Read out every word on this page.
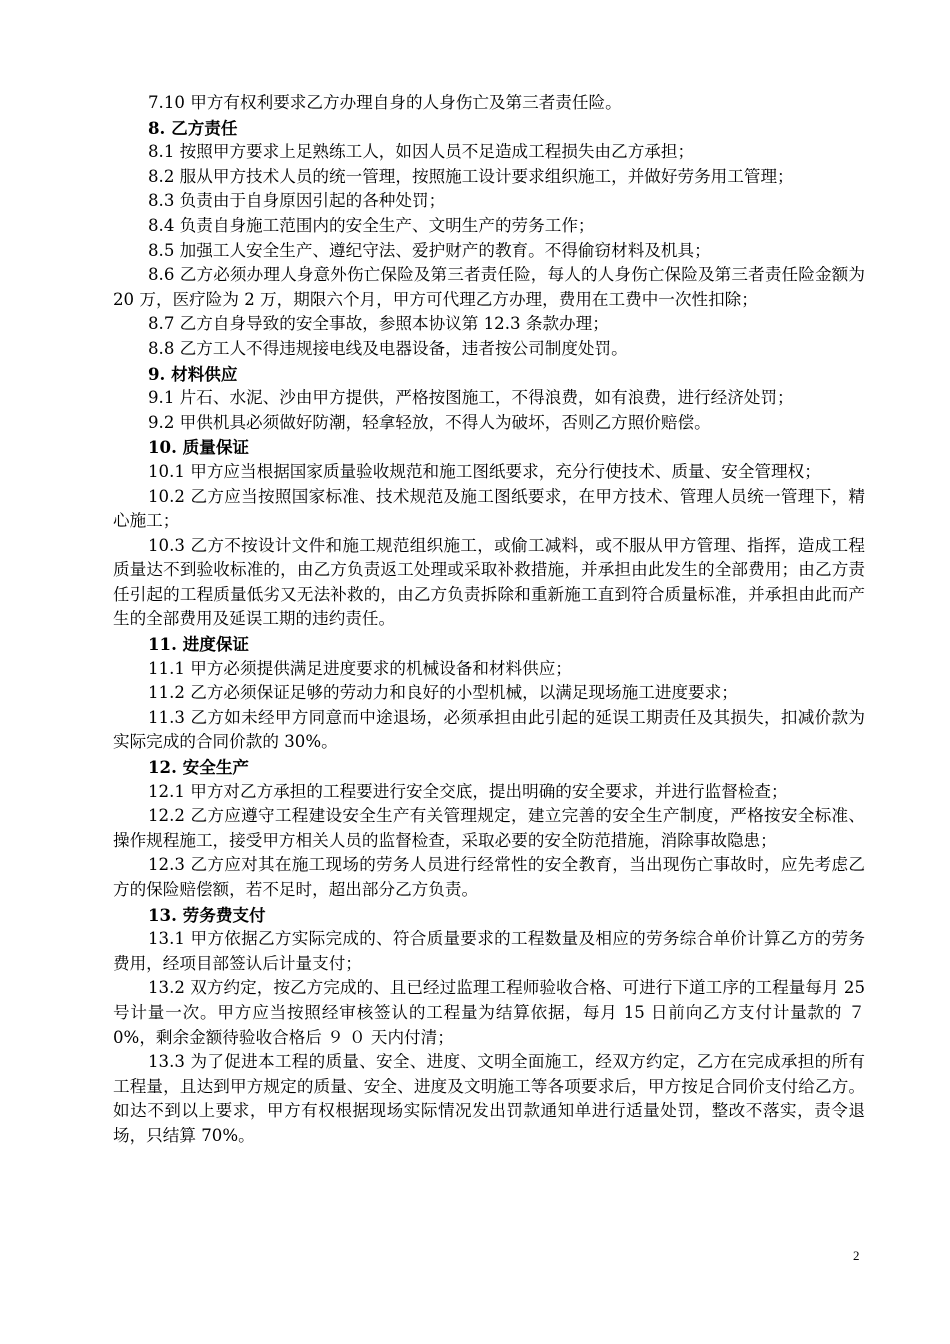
7.10 甲方有权利要求乙方办理自身的人身伤亡及第三者责任险。

8. 乙方责任

8.1 按照甲方要求上足熟练工人，如因人员不足造成工程损失由乙方承担；

8.2 服从甲方技术人员的统一管理，按照施工设计要求组织施工，并做好劳务用工管理；

8.3 负责由于自身原因引起的各种处罚；

8.4 负责自身施工范围内的安全生产、文明生产的劳务工作；

8.5 加强工人安全生产、遵纪守法、爱护财产的教育。不得偷窃材料及机具；

8.6 乙方必须办理人身意外伤亡保险及第三者责任险，每人的人身伤亡保险及第三者责任险金额为 20 万，医疗险为 2 万，期限六个月，甲方可代理乙方办理，费用在工费中一次性扣除；

8.7 乙方自身导致的安全事故，参照本协议第 12.3 条款办理；

8.8 乙方工人不得违规接电线及电器设备，违者按公司制度处罚。

9. 材料供应

9.1 片石、水泥、沙由甲方提供，严格按图施工，不得浪费，如有浪费，进行经济处罚；

9.2 甲供机具必须做好防潮，轻拿轻放，不得人为破坏，否则乙方照价赔偿。

10. 质量保证

10.1 甲方应当根据国家质量验收规范和施工图纸要求，充分行使技术、质量、安全管理权；

10.2 乙方应当按照国家标准、技术规范及施工图纸要求，在甲方技术、管理人员统一管理下，精心施工；

10.3 乙方不按设计文件和施工规范组织施工，或偷工减料，或不服从甲方管理、指挥，造成工程质量达不到验收标准的，由乙方负责返工处理或采取补救措施，并承担由此发生的全部费用；由乙方责任引起的工程质量低劣又无法补救的，由乙方负责拆除和重新施工直到符合质量标准，并承担由此而产生的全部费用及延误工期的违约责任。

11. 进度保证

11.1 甲方必须提供满足进度要求的机械设备和材料供应；

11.2 乙方必须保证足够的劳动力和良好的小型机械，以满足现场施工进度要求；

11.3 乙方如未经甲方同意而中途退场，必须承担由此引起的延误工期责任及其损失，扣减价款为实际完成的合同价款的 30%。

12. 安全生产

12.1 甲方对乙方承担的工程要进行安全交底，提出明确的安全要求，并进行监督检查；

12.2 乙方应遵守工程建设安全生产有关管理规定，建立完善的安全生产制度，严格按安全标准、操作规程施工，接受甲方相关人员的监督检查，采取必要的安全防范措施，消除事故隐患；

12.3 乙方应对其在施工现场的劳务人员进行经常性的安全教育，当出现伤亡事故时，应先考虑乙方的保险赔偿额，若不足时，超出部分乙方负责。

13. 劳务费支付

13.1 甲方依据乙方实际完成的、符合质量要求的工程数量及相应的劳务综合单价计算乙方的劳务费用，经项目部签认后计量支付；

13.2 双方约定，按乙方完成的、且已经过监理工程师验收合格、可进行下道工序的工程量每月 25 号计量一次。甲方应当按照经审核签认的工程量为结算依据，每月 15 日前向乙方支付计量款的 ７ 0%，剩余金额待验收合格后 ９ ０ 天内付清；

13.3 为了促进本工程的质量、安全、进度、文明全面施工，经双方约定，乙方在完成承担的所有工程量，且达到甲方规定的质量、安全、进度及文明施工等各项要求后，甲方按足合同价支付给乙方。如达不到以上要求，甲方有权根据现场实际情况发出罚款通知单进行适量处罚，整改不落实，责令退场，只结算 70%。

2
